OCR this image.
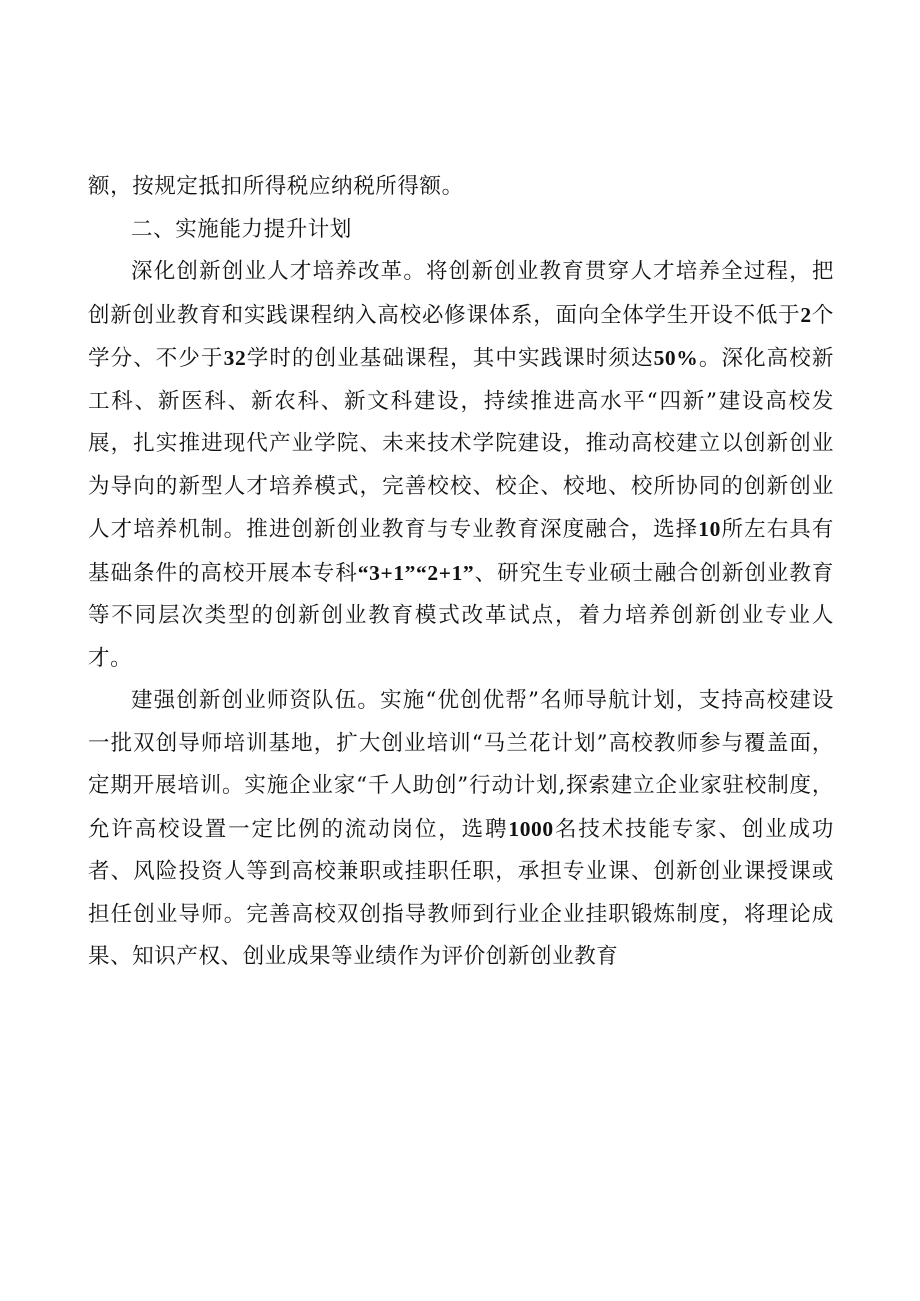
额，按规定抵扣所得税应纳税所得额。

二、实施能力提升计划

深化创新创业人才培养改革。将创新创业教育贯穿人才培养全过程，把创新创业教育和实践课程纳入高校必修课体系，面向全体学生开设不低于2个学分、不少于32学时的创业基础课程，其中实践课时须达50%。深化高校新工科、新医科、新农科、新文科建设，持续推进高水平“四新”建设高校发展，扎实推进现代产业学院、未来技术学院建设，推动高校建立以创新创业为导向的新型人才培养模式，完善校校、校企、校地、校所协同的创新创业人才培养机制。推进创新创业教育与专业教育深度融合，选择10所左右具有基础条件的高校开展本专科“3+1”“2+1”、研究生专业硕士融合创新创业教育等不同层次类型的创新创业教育模式改革试点，着力培养创新创业专业人才。

建强创新创业师资队伍。实施“优创优帮”名师导航计划，支持高校建设一批双创导师培训基地，扩大创业培训“马兰花计划”高校教师参与覆盖面，定期开展培训。实施企业家“千人助创”行动计划,探索建立企业家驻校制度，允许高校设置一定比例的流动岗位，选聘1000名技术技能专家、创业成功者、风险投资人等到高校兼职或挂职任职，承担专业课、创新创业课授课或担任创业导师。完善高校双创指导教师到行业企业挂职锻炼制度，将理论成果、知识产权、创业成果等业绩作为评价创新创业教育
